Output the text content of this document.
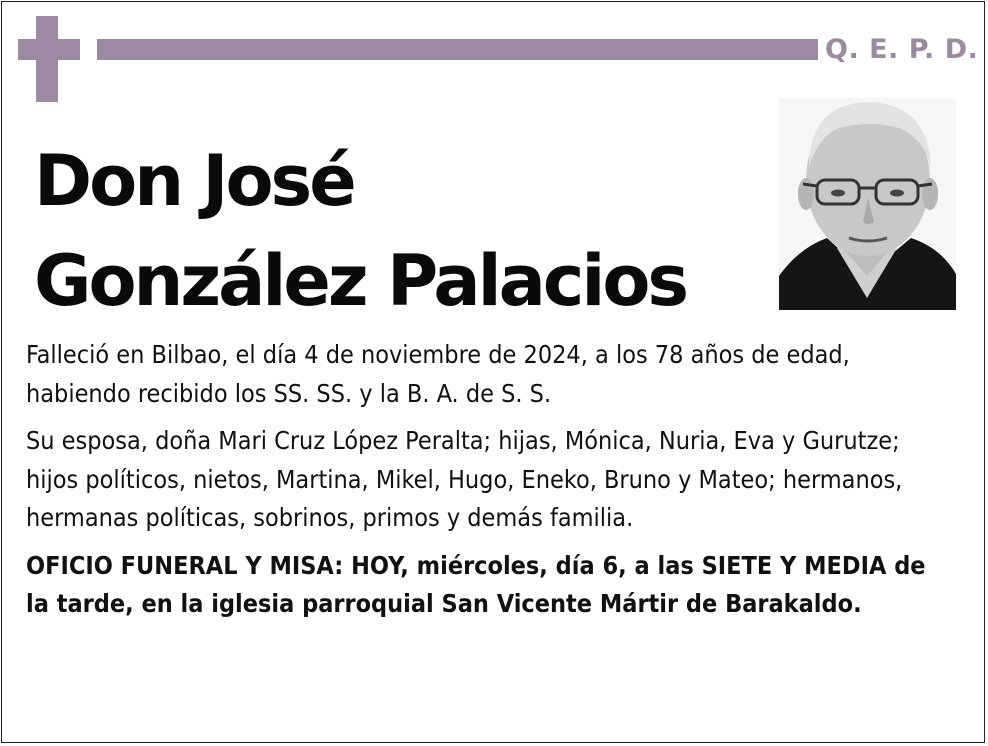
Q. E. P. D.
Don José
González Palacios

Falleció en Bilbao, el día 4 de noviembre de 2024, a los 78 años de edad, habiendo recibido los SS. SS. y la B. A. de S. S.

Su esposa, doña Mari Cruz López Peralta; hijas, Mónica, Nuria, Eva y Gurutze; hijos políticos, nietos, Martina, Mikel, Hugo, Eneko, Bruno y Mateo; hermanos, hermanas políticas, sobrinos, primos y demás familia.

OFICIO FUNERAL Y MISA: HOY, miércoles, día 6, a las SIETE Y MEDIA de la tarde, en la iglesia parroquial San Vicente Mártir de Barakaldo.
